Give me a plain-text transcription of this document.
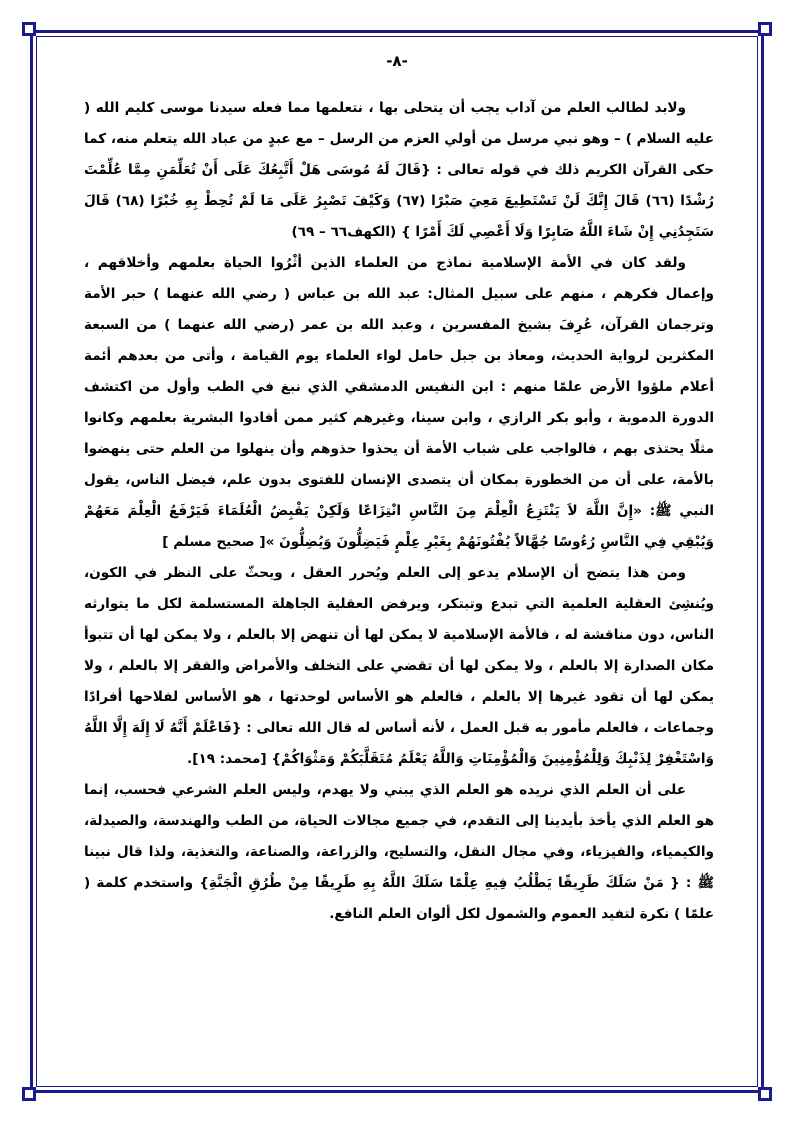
-٨-

ولابد لطالب العلم من آداب يجب أن يتحلى بها ، نتعلمها مما فعله سيدنا موسى كليم الله ( عليه السلام ) – وهو نبي مرسل من أولي العزم من الرسل – مع عبدٍ من عباد الله يتعلم منه، كما حكى القرآن الكريم ذلك في قوله تعالى : {قَالَ لَهُ مُوسَى هَلْ أَتَّبِعُكَ عَلَى أَنْ تُعَلِّمَنِ مِمَّا عُلِّمْتَ رُشْدًا (٦٦) قَالَ إِنَّكَ لَنْ تَسْتَطِيعَ مَعِيَ صَبْرًا (٦٧) وَكَيْفَ تَصْبِرُ عَلَى مَا لَمْ تُحِطْ بِهِ خُبْرًا (٦٨) قَالَ سَتَجِدُنِي إِنْ شَاءَ اللَّهُ صَابِرًا وَلَا أَعْصِي لَكَ أَمْرًا } (الكهف٦٦ – ٦٩)

ولقد كان في الأمة الإسلامية نماذج من العلماء الذين أثْرُوا الحياة بعلمهم وأخلاقهم ، وإعمال فكرهم ، منهم على سبيل المثال: عبد الله بن عباس ( رضي الله عنهما ) حبر الأمة وترجمان القرآن، عُرِفَ بشيخ المفسرين ، وعبد الله بن عمر (رضي الله عنهما ) من السبعة المكثرين لرواية الحديث، ومعاذ بن جبل حامل لواء العلماء يوم القيامة ، وأتى من بعدهم أئمة أعلام ملؤوا الأرض علمًا منهم : ابن النفيس الدمشقي الذي نبغ في الطب وأول من اكتشف الدورة الدموية ، وأبو بكر الرازي ، وابن سينا، وغيرهم كثير ممن أفادوا البشرية بعلمهم وكانوا مثلًا يحتذى بهم ، فالواجب على شباب الأمة أن يحذوا حذوهم وأن ينهلوا من العلم حتى ينهضوا بالأمة، على أن من الخطورة بمكان أن يتصدى الإنسان للفتوى بدون علم، فيضل الناس، يقول النبي ﷺ: «إِنَّ اللَّهَ لاَ يَنْتَزِعُ الْعِلْمَ مِنَ النَّاسِ انْتِزَاعًا وَلَكِنْ يَقْبِضُ الْعُلَمَاءَ فَيَرْفَعُ الْعِلْمَ مَعَهُمْ وَيُبْقِي فِي النَّاسِ رُءُوسًا جُهَّالاً يُفْتُونَهُمْ بِغَيْرِ عِلْمٍ فَيَضِلُّونَ وَيُضِلُّونَ »[ صحيح مسلم ]

ومن هذا يتضح أن الإسلام يدعو إلى العلم ويُحرر العقل ، ويحثّ على النظر في الكون، ويُنشِئ العقلية العلمية التي تبدع وتبتكر، ويرفض العقلية الجاهلة المستسلمة لكل ما يتوارثه الناس، دون مناقشة له ، فالأمة الإسلامية لا يمكن لها أن تنهض إلا بالعلم ، ولا يمكن لها أن تتبوأ مكان الصدارة إلا بالعلم ، ولا يمكن لها أن تقضي على التخلف والأمراض والفقر إلا بالعلم ، ولا يمكن لها أن تقود غيرها إلا بالعلم ، فالعلم هو الأساس لوحدتها ، هو الأساس لفلاحها أفرادًا وجماعات ، فالعلم مأمور به قبل العمل ، لأنه أساس له قال الله تعالى : {فَاعْلَمْ أَنَّهُ لَا إِلَهَ إِلَّا اللَّهُ وَاسْتَغْفِرْ لِذَنْبِكَ وَلِلْمُؤْمِنِينَ وَالْمُؤْمِنَاتِ وَاللَّهُ يَعْلَمُ مُتَقَلَّبَكُمْ وَمَثْوَاكُمْ} [محمد: ١٩].

على أن العلم الذي نريده هو العلم الذي يبني ولا يهدم، وليس العلم الشرعي فحسب، إنما هو العلم الذي يأخذ بأيدينا إلى التقدم، في جميع مجالات الحياة، من الطب والهندسة، والصيدلة، والكيمياء، والفيزياء، وفي مجال النقل، والتسليح، والزراعة، والصناعة، والتغذية، ولذا قال نبينا ﷺ : { مَنْ سَلَكَ طَرِيقًا يَطْلُبُ فِيهِ عِلْمًا سَلَكَ اللَّهُ بِهِ طَرِيقًا مِنْ طُرُقِ الْجَنَّةِ} واستخدم كلمة ( علمًا ) نكرة لتفيد العموم والشمول لكل ألوان العلم النافع.
